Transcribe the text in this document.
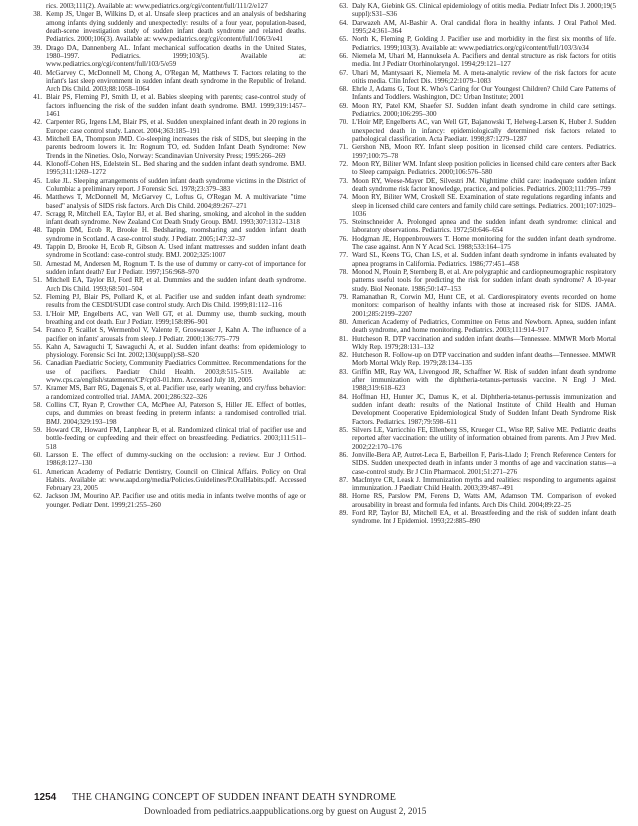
rics. 2003;111(2). Available at: www.pediatrics.org/cgi/content/full/111/2/e127

38. Kemp JS, Unger B, Wilkins D, et al. Unsafe sleep practices and an analysis of bedsharing among infants dying suddenly and unexpectedly: results of a four year, population-based, death-scene investigation study of sudden infant death syndrome and related deaths. Pediatrics. 2000;106(3). Available at: www.pediatrics.org/cgi/content/full/106/3/e41

39. Drago DA, Dannenberg AL. Infant mechanical suffocation deaths in the United States, 1980–1997. Pediatrics. 1999;103(5). Available at: www.pediatrics.org/cgi/content/full/103/5/e59

40. McGarvey C, McDonnell M, Chong A, O'Regan M, Matthews T. Factors relating to the infant's last sleep environment in sudden infant death syndrome in the Republic of Ireland. Arch Dis Child. 2003;88:1058–1064

41. Blair PS, Fleming PJ, Smith IJ, et al. Babies sleeping with parents; case-control study of factors influencing the risk of the sudden infant death syndrome. BMJ. 1999;319:1457–1461

42. Carpenter RG, Irgens LM, Blair PS, et al. Sudden unexplained infant death in 20 regions in Europe: case control study. Lancet. 2004;363:185–191

43. Mitchell EA, Thompson JMD. Co-sleeping increases the risk of SIDS, but sleeping in the parents bedroom lowers it. In: Rognum TO, ed. Sudden Infant Death Syndrome: New Trends in the Nineties. Oslo, Norway: Scandinavian University Press; 1995:266–269

44. Klonoff-Cohen HS, Edelstein SL. Bed sharing and the sudden infant death syndrome. BMJ. 1995;311:1269–1272

45. Luke JL. Sleeping arrangements of sudden infant death syndrome victims in the District of Columbia: a preliminary report. J Forensic Sci. 1978;23:379–383

46. Matthews T, McDonnell M, McGarvey C, Loftus G, O'Regan M. A multivariate "time based" analysis of SIDS risk factors. Arch Dis Child. 2004;89:267–271

47. Scragg R, Mitchell EA, Taylor BJ, et al. Bed sharing, smoking, and alcohol in the sudden infant death syndrome. New Zealand Cot Death Study Group. BMJ. 1993;307:1312–1318

48. Tappin DM, Ecob R, Brooke H. Bedsharing, roomsharing and sudden infant death syndrome in Scotland. A case-control study. J Pediatr. 2005;147:32–37

49. Tappin D, Brooke H, Ecob R, Gibson A. Used infant mattresses and sudden infant death syndrome in Scotland: case-control study. BMJ. 2002;325:1007

50. Arnestad M, Andersen M, Rognum T. Is the use of dummy or carry-cot of importance for sudden infant death? Eur J Pediatr. 1997;156:968–970

51. Mitchell EA, Taylor BJ, Ford RP, et al. Dummies and the sudden infant death syndrome. Arch Dis Child. 1993;68:501–504

52. Fleming PJ, Blair PS, Pollard K, et al. Pacifier use and sudden infant death syndrome: results from the CESDI/SUDI case control study. Arch Dis Child. 1999;81:112–116

53. L'Hoir MP, Engelberts AC, van Well GT, et al. Dummy use, thumb sucking, mouth breathing and cot death. Eur J Pediatr. 1999;158:896–901

54. Franco P, Scaillet S, Wermenbol V, Valente F, Groswasser J, Kahn A. The influence of a pacifier on infants' arousals from sleep. J Pediatr. 2000;136:775–779

55. Kahn A, Sawaguchi T, Sawaguchi A, et al. Sudden infant deaths: from epidemiology to physiology. Forensic Sci Int. 2002;130(suppl):S8–S20

56. Canadian Paediatric Society, Community Paediatrics Committee. Recommendations for the use of pacifiers. Paediatr Child Health. 2003;8:515–519. Available at: www.cps.ca/english/statements/CP/cp03-01.htm. Accessed July 18, 2005

57. Kramer MS, Barr RG, Dagenais S, et al. Pacifier use, early weaning, and cry/fuss behavior: a randomized controlled trial. JAMA. 2001;286:322–326

58. Collins CT, Ryan P, Crowther CA, McPhee AJ, Paterson S, Hiller JE. Effect of bottles, cups, and dummies on breast feeding in preterm infants: a randomised controlled trial. BMJ. 2004;329:193–198

59. Howard CR, Howard FM, Lanphear B, et al. Randomized clinical trial of pacifier use and bottle-feeding or cupfeeding and their effect on breastfeeding. Pediatrics. 2003;111:511–518

60. Larsson E. The effect of dummy-sucking on the occlusion: a review. Eur J Orthod. 1986;8:127–130

61. American Academy of Pediatric Dentistry, Council on Clinical Affairs. Policy on Oral Habits. Available at: www.aapd.org/media/Policies.Guidelines/P.OralHabits.pdf. Accessed February 23, 2005

62. Jackson JM, Mourino AP. Pacifier use and otitis media in infants twelve months of age or younger. Pediatr Dent. 1999;21:255–260

63. Daly KA, Giebink GS. Clinical epidemiology of otitis media. Pediatr Infect Dis J. 2000;19(5 suppl):S31–S36

64. Darwazeh AM, Al-Bashir A. Oral candidal flora in healthy infants. J Oral Pathol Med. 1995;24:361–364

65. North K, Fleming P, Golding J. Pacifier use and morbidity in the first six months of life. Pediatrics. 1999;103(3). Available at: www.pediatrics.org/cgi/content/full/103/3/e34

66. Niemela M, Uhari M, Hannuksela A. Pacifiers and dental structure as risk factors for otitis media. Int J Pediatr Otorhinolaryngol. 1994;29:121–127

67. Uhari M, Mantysaari K, Niemela M. A meta-analytic review of the risk factors for acute otitis media. Clin Infect Dis. 1996;22:1079–1083

68. Ehrle J, Adams G, Tout K. Who's Caring for Our Youngest Children? Child Care Patterns of Infants and Toddlers. Washington, DC: Urban Institute; 2001

69. Moon RY, Patel KM, Shaefer SJ. Sudden infant death syndrome in child care settings. Pediatrics. 2000;106:295–300

70. L'Hoir MP, Engelberts AC, van Well GT, Bajanowski T, Helweg-Larsen K, Huber J. Sudden unexpected death in infancy: epidemiologically determined risk factors related to pathological classification. Acta Paediatr. 1998;87:1279–1287

71. Gershon NB, Moon RY. Infant sleep position in licensed child care centers. Pediatrics. 1997;100:75–78

72. Moon RY, Biliter WM. Infant sleep position policies in licensed child care centers after Back to Sleep campaign. Pediatrics. 2000;106:576–580

73. Moon RY, Weese-Mayer DE, Silvestri JM. Nighttime child care: inadequate sudden infant death syndrome risk factor knowledge, practice, and policies. Pediatrics. 2003;111:795–799

74. Moon RY, Biliter WM, Croskell SE. Examination of state regulations regarding infants and sleep in licensed child care centers and family child care settings. Pediatrics. 2001;107:1029–1036

75. Steinschneider A. Prolonged apnea and the sudden infant death syndrome: clinical and laboratory observations. Pediatrics. 1972;50:646–654

76. Hodgman JE, Hoppenbrouwers T. Home monitoring for the sudden infant death syndrome. The case against. Ann N Y Acad Sci. 1988;533:164–175

77. Ward SL, Keens TG, Chan LS, et al. Sudden infant death syndrome in infants evaluated by apnea programs in California. Pediatrics. 1986;77:451–458

78. Monod N, Plouin P, Sternberg B, et al. Are polygraphic and cardiopneumographic respiratory patterns useful tools for predicting the risk for sudden infant death syndrome? A 10-year study. Biol Neonate. 1986;50:147–153

79. Ramanathan R, Corwin MJ, Hunt CE, et al. Cardiorespiratory events recorded on home monitors: comparison of healthy infants with those at increased risk for SIDS. JAMA. 2001;285:2199–2207

80. American Academy of Pediatrics, Committee on Fetus and Newborn. Apnea, sudden infant death syndrome, and home monitoring. Pediatrics. 2003;111:914–917

81. Hutcheson R. DTP vaccination and sudden infant deaths—Tennessee. MMWR Morb Mortal Wkly Rep. 1979;28:131–132

82. Hutcheson R. Follow-up on DTP vaccination and sudden infant deaths—Tennessee. MMWR Morb Mortal Wkly Rep. 1979;28:134–135

83. Griffin MR, Ray WA, Livengood JR, Schaffner W. Risk of sudden infant death syndrome after immunization with the diphtheria-tetanus-pertussis vaccine. N Engl J Med. 1988;319:618–623

84. Hoffman HJ, Hunter JC, Damus K, et al. Diphtheria-tetanus-pertussis immunization and sudden infant death: results of the National Institute of Child Health and Human Development Cooperative Epidemiological Study of Sudden Infant Death Syndrome Risk Factors. Pediatrics. 1987;79:598–611

85. Silvers LE, Varricchio FE, Ellenberg SS, Krueger CL, Wise RP, Salive ME. Pediatric deaths reported after vaccination: the utility of information obtained from parents. Am J Prev Med. 2002;22:170–176

86. Jonville-Bera AP, Autret-Leca E, Barbeillon F, Paris-Llado J; French Reference Centers for SIDS. Sudden unexpected death in infants under 3 months of age and vaccination status—a case-control study. Br J Clin Pharmacol. 2001;51:271–276

87. MacIntyre CR, Leask J. Immunization myths and realities: responding to arguments against immunization. J Paediatr Child Health. 2003;39:487–491

88. Horne RS, Parslow PM, Ferens D, Watts AM, Adamson TM. Comparison of evoked arousability in breast and formula fed infants. Arch Dis Child. 2004;89:22–25

89. Ford RP, Taylor BJ, Mitchell EA, et al. Breastfeeding and the risk of sudden infant death syndrome. Int J Epidemiol. 1993;22:885–890

1254 THE CHANGING CONCEPT OF SUDDEN INFANT DEATH SYNDROME
Downloaded from pediatrics.aappublications.org by guest on August 2, 2015
